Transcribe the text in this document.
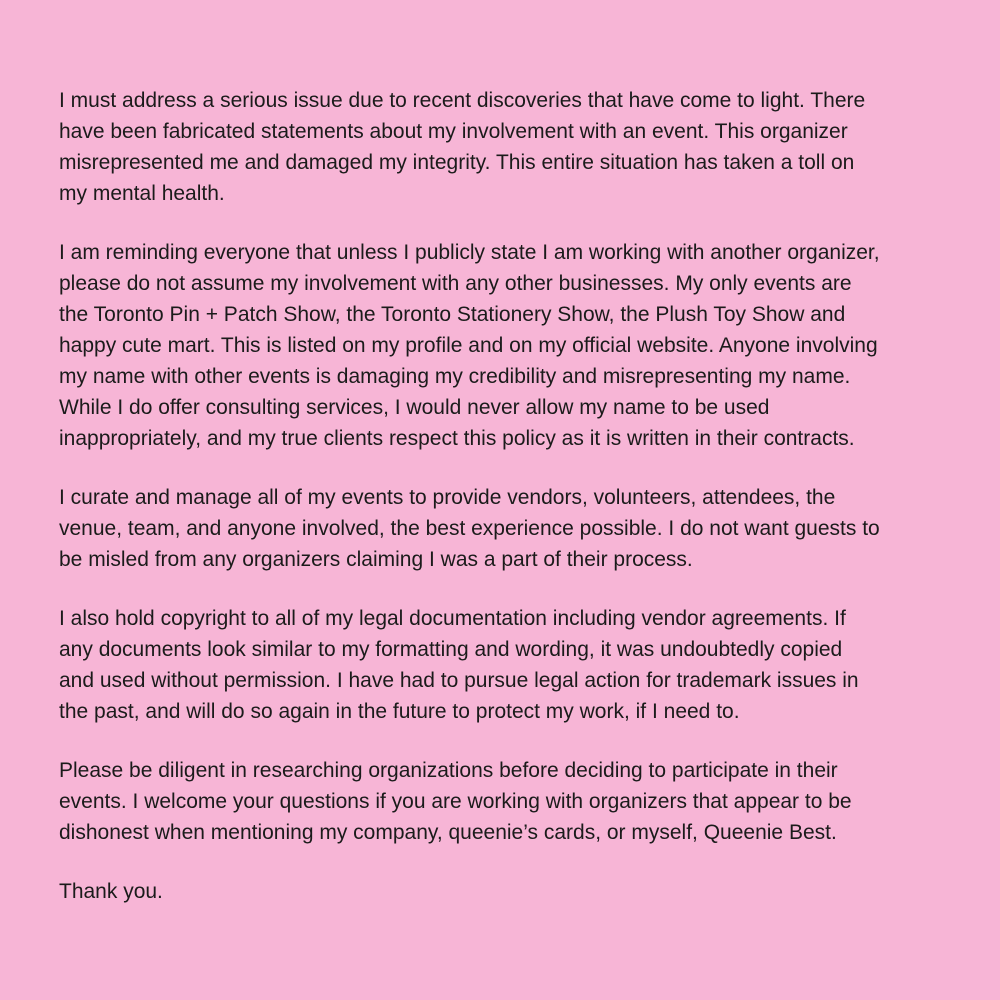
I must address a serious issue due to recent discoveries that have come to light. There
have been fabricated statements about my involvement with an event. This organizer
misrepresented me and damaged my integrity. This entire situation has taken a toll on
my mental health.

I am reminding everyone that unless I publicly state I am working with another organizer,
please do not assume my involvement with any other businesses. My only events are
the Toronto Pin + Patch Show, the Toronto Stationery Show, the Plush Toy Show and
happy cute mart. This is listed on my profile and on my official website. Anyone involving
my name with other events is damaging my credibility and misrepresenting my name.
While I do offer consulting services, I would never allow my name to be used
inappropriately, and my true clients respect this policy as it is written in their contracts.

I curate and manage all of my events to provide vendors, volunteers, attendees, the
venue, team, and anyone involved, the best experience possible. I do not want guests to
be misled from any organizers claiming I was a part of their process.

I also hold copyright to all of my legal documentation including vendor agreements. If
any documents look similar to my formatting and wording, it was undoubtedly copied
and used without permission. I have had to pursue legal action for trademark issues in
the past, and will do so again in the future to protect my work, if I need to.

Please be diligent in researching organizations before deciding to participate in their
events. I welcome your questions if you are working with organizers that appear to be
dishonest when mentioning my company, queenie’s cards, or myself, Queenie Best.

Thank you.
